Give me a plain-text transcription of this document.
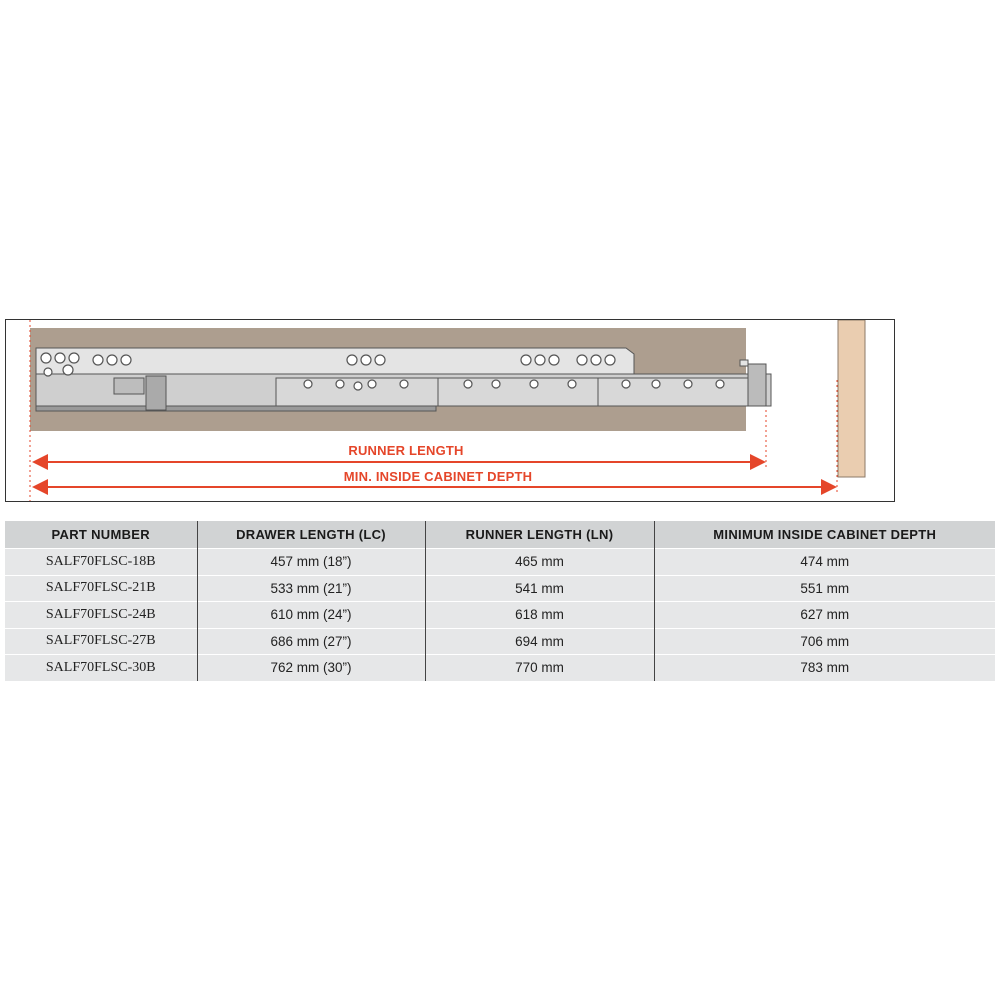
RUNNER LENGTH
MIN. INSIDE CABINET DEPTH
PART NUMBER	DRAWER LENGTH (LC)	RUNNER LENGTH (LN)	MINIMUM INSIDE CABINET DEPTH
SALF70FLSC-18B	457 mm (18”)	465 mm	474 mm
SALF70FLSC-21B	533 mm (21”)	541 mm	551 mm
SALF70FLSC-24B	610 mm (24”)	618 mm	627 mm
SALF70FLSC-27B	686 mm (27”)	694 mm	706 mm
SALF70FLSC-30B	762 mm (30”)	770 mm	783 mm
